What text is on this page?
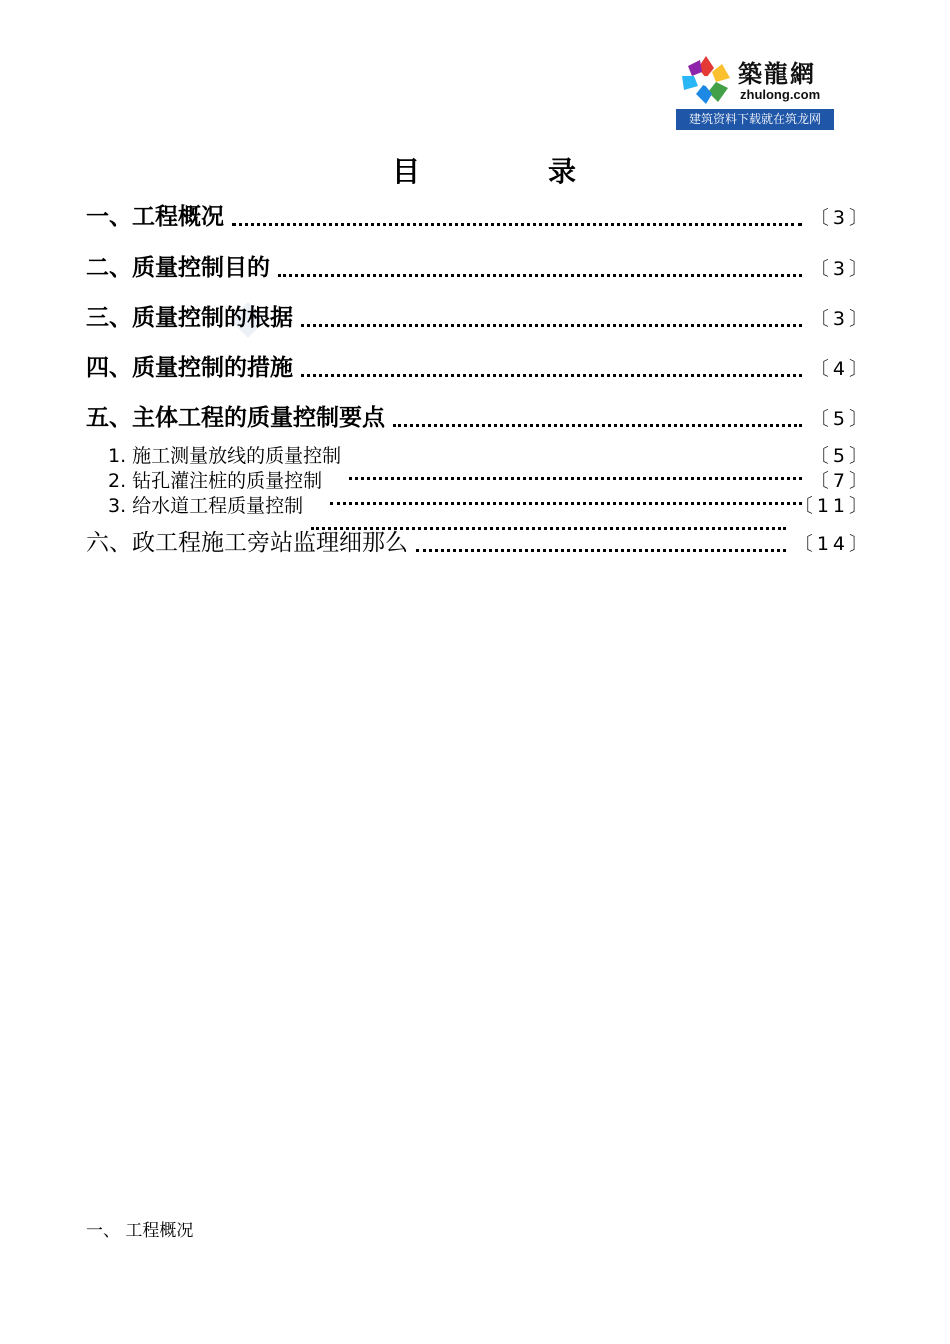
築龍網
zhulong.com
建筑资料下载就在筑龙网
目	录
一、工程概况	〔3〕
二、质量控制目的	〔3〕
三、质量控制的根据	〔3〕
四、质量控制的措施	〔4〕
五、主体工程的质量控制要点	〔5〕
1. 施工测量放线的质量控制	〔5〕
2. 钻孔灌注桩的质量控制	〔7〕
3. 给水道工程质量控制	〔11〕
六、政工程施工旁站监理细那么	〔14〕
一、 工程概况
